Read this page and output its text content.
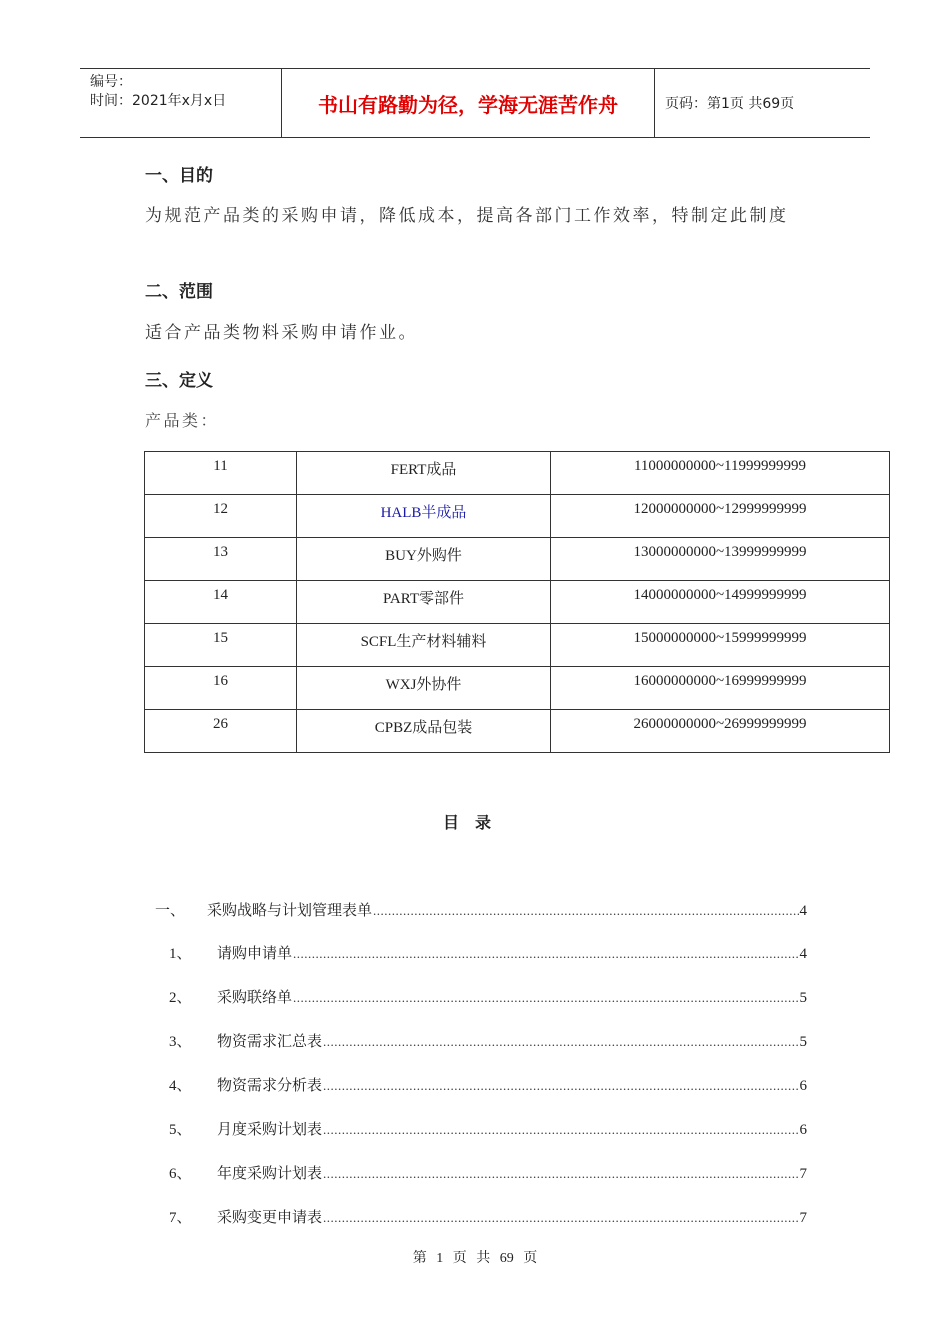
编号：
时间：2021年x月x日	书山有路勤为径，学海无涯苦作舟	页码：第1页 共69页
一、目的
为规范产品类的采购申请，降低成本，提高各部门工作效率，特制定此制度
二、范围
适合产品类物料采购申请作业。
三、定义
产品类：
11	FERT成品	11000000000~11999999999
12	HALB半成品	12000000000~12999999999
13	BUY外购件	13000000000~13999999999
14	PART零部件	14000000000~14999999999
15	SCFL生产材料辅料	15000000000~15999999999
16	WXJ外协件	16000000000~16999999999
26	CPBZ成品包装	26000000000~26999999999
目录
一、	采购战略与计划管理表单 .....	4
1、	请购申请单 .....	4
2、	采购联络单 .....	5
3、	物资需求汇总表 .....	5
4、	物资需求分析表 .....	6
5、	月度采购计划表 .....	6
6、	年度采购计划表 .....	7
7、	采购变更申请表 .....	7
第 1 页 共 69 页
